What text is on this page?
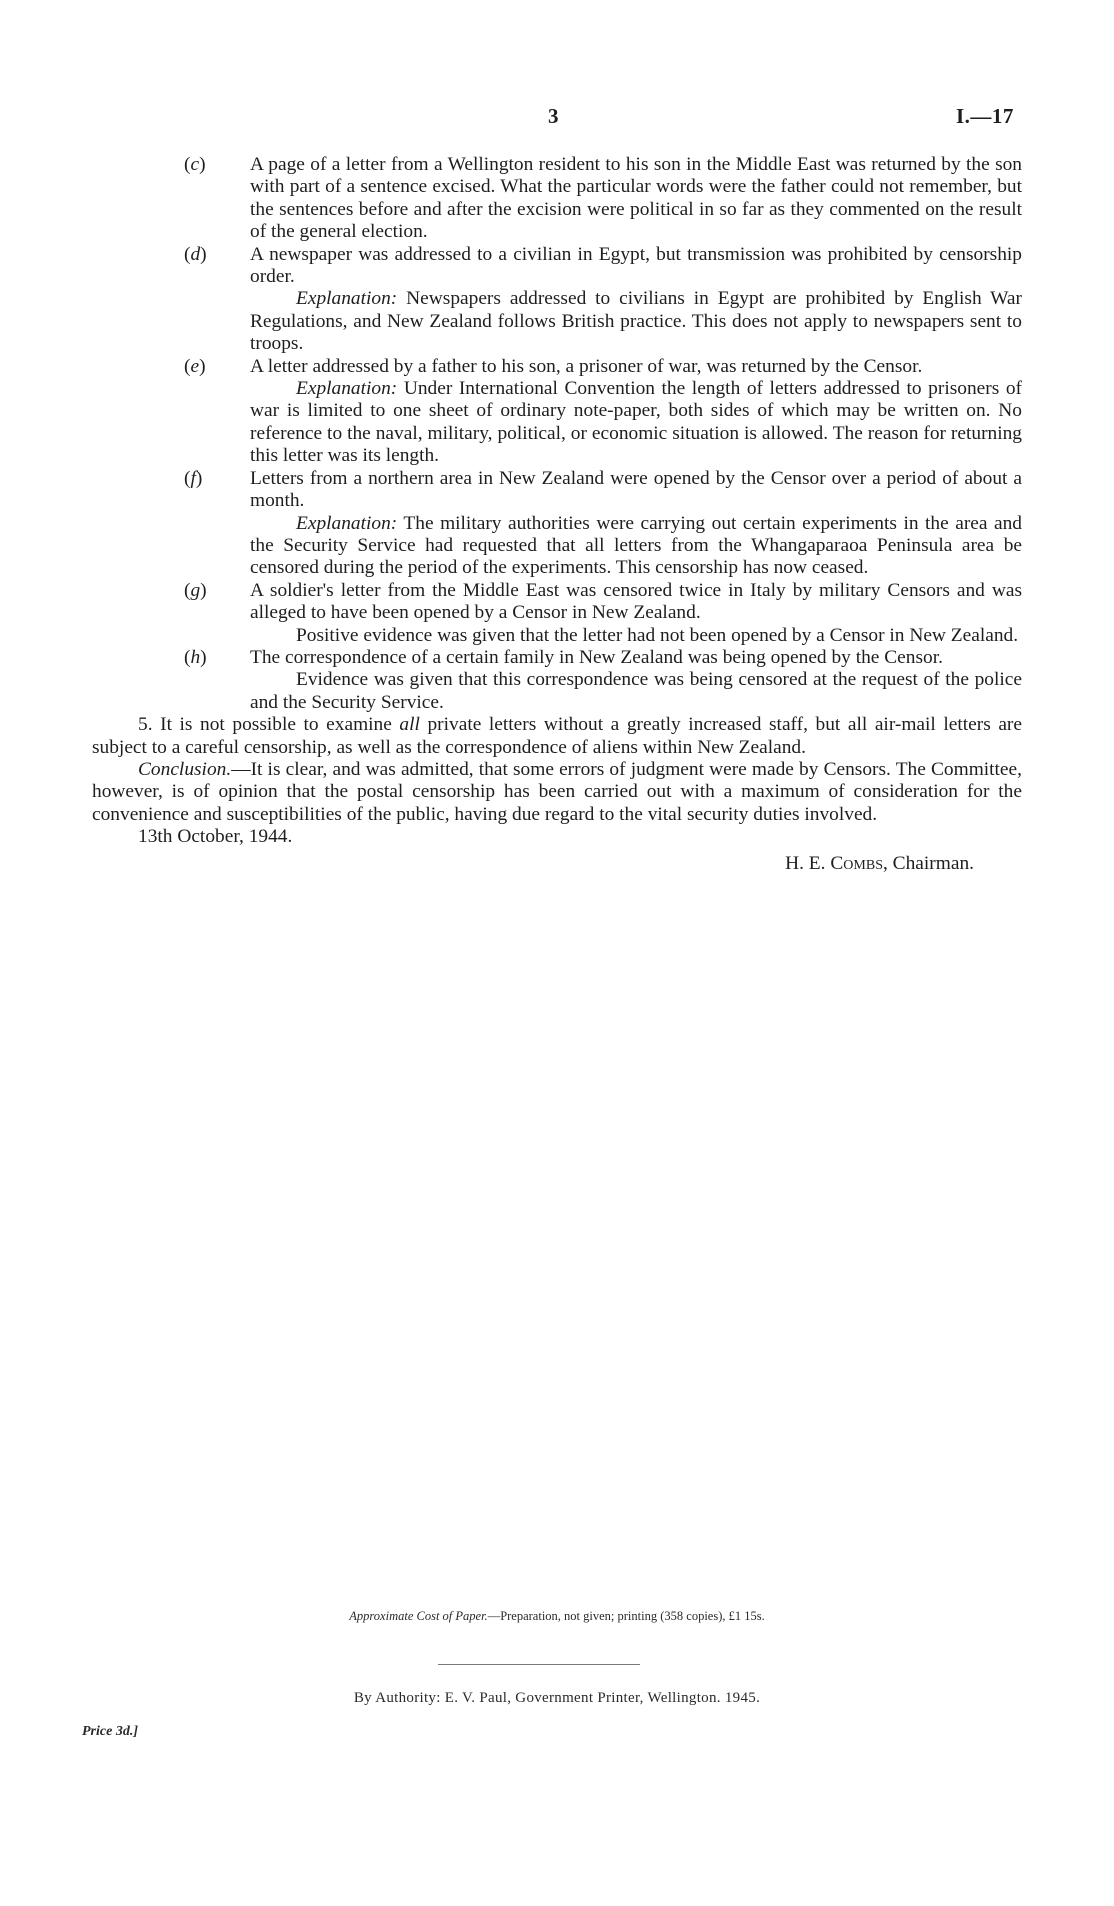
3	I.—17
(c) A page of a letter from a Wellington resident to his son in the Middle East was returned by the son with part of a sentence excised. What the particular words were the father could not remember, but the sentences before and after the excision were political in so far as they commented on the result of the general election.

(d) A newspaper was addressed to a civilian in Egypt, but transmission was prohibited by censorship order.

Explanation: Newspapers addressed to civilians in Egypt are prohibited by English War Regulations, and New Zealand follows British practice. This does not apply to newspapers sent to troops.

(e) A letter addressed by a father to his son, a prisoner of war, was returned by the Censor.

Explanation: Under International Convention the length of letters addressed to prisoners of war is limited to one sheet of ordinary note-paper, both sides of which may be written on. No reference to the naval, military, political, or economic situation is allowed. The reason for returning this letter was its length.

(f) Letters from a northern area in New Zealand were opened by the Censor over a period of about a month.

Explanation: The military authorities were carrying out certain experiments in the area and the Security Service had requested that all letters from the Whangaparaoa Peninsula area be censored during the period of the experiments. This censorship has now ceased.

(g) A soldier's letter from the Middle East was censored twice in Italy by military Censors and was alleged to have been opened by a Censor in New Zealand.

Positive evidence was given that the letter had not been opened by a Censor in New Zealand.

(h) The correspondence of a certain family in New Zealand was being opened by the Censor.

Evidence was given that this correspondence was being censored at the request of the police and the Security Service.

5. It is not possible to examine all private letters without a greatly increased staff, but all air-mail letters are subject to a careful censorship, as well as the correspondence of aliens within New Zealand.

Conclusion.—It is clear, and was admitted, that some errors of judgment were made by Censors. The Committee, however, is of opinion that the postal censorship has been carried out with a maximum of consideration for the convenience and susceptibilities of the public, having due regard to the vital security duties involved.

13th October, 1944.

H. E. Combs, Chairman.

Approximate Cost of Paper.—Preparation, not given; printing (358 copies), £1 15s.
By Authority: E. V. Paul, Government Printer, Wellington. 1945.
Price 3d.]
